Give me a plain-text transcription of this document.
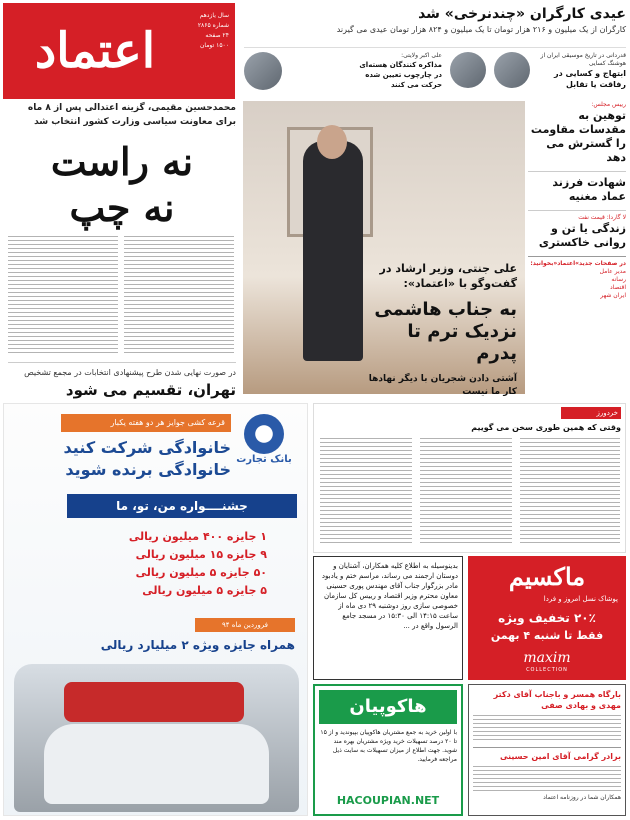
اعتماد
سال یازدهم
شماره ۲۸۶۵
۲۴ صفحه
۱۵۰۰ تومان
عیدی کارگران «چندنرخی» شد
کارگران از یک میلیون و ۲۱۶ هزار تومان تا یک میلیون و ۸۲۴ هزار تومان عیدی می گیرند
قدردانی در تاریخ موسیقی ایران از هوشنگ کسایی
ابتهاج و کسایی در رفاقت یا تقابل
علی اکبر ولایتی:
مذاکره کنندگان هسته‌ای در چارچوب تعیین شده حرکت می کنند
محمدحسین مقیمی، گزینه اعتدالی پس از ۸ ماه برای معاونت سیاسی وزارت کشور انتخاب شد
نه راست
نه چپ
در صورت نهایی شدن طرح پیشنهادی انتخابات در مجمع تشخیص
تهران، تقسیم می شود
علی جنتی، وزیر ارشاد در گفت‌وگو با «اعتماد»:
به جناب هاشمی نزدیک ترم تا پدرم
آشتی دادن شجریان با دیگر نهادها کار ما نیست
رییس مجلس:
توهین به مقدسات مقاومت را گسترش می دهد
شهادت فرزند عماد مغنیه
لا گاردا: قیمت نفت
زندگی یا تن و روانی خاکستری
در صفحات جدید»اعتماد«بخوانید:
مدیر عامل
رسانه
اقتصاد
ایران شهر
بانک تجارت
قرعه کشی جوایز هر دو هفته یکبار
خانوادگی شرکت کنید
خانوادگی برنده شوید
جشنــــواره من، تو، ما
۱ جایزه ۴۰۰ میلیون ریالی
۹ جایزه ۱۵ میلیون ریالی
۵۰ جایزه ۵ میلیون ریالی
۵ جایزه ۵ میلیون ریالی
فروردین ماه ۹۴
همراه جایزه ویژه ۲ میلیارد ریالی
خردورز
وقتی که همین طوری سخن می گوییم
بدینوسیله به اطلاع کلیه همکاران، آشنایان و دوستان ارجمند می رساند، مراسم ختم و یادبود مادر بزرگوار جناب آقای مهندس پوری حسینی معاون محترم وزیر اقتصاد و رییس کل سازمان خصوصی سازی روز دوشنبه ۲۹ دی ماه از ساعت ۱۴:۱۵ الی ۱۵:۳۰ در مسجد جامع الرسول واقع در ...
ماکسیم
پوشاک نسل امروز و فردا
۲۰٪ تخفیف ویژه
فقط تا شنبه ۴ بهمن
maxim
COLLECTION
هاکوپیان
با اولین خرید به جمع مشتریان هاکوپیان بپیوندید و از ۱۵ تا ۲۰ درصد تسهیلات خرید ویژه مشتریان بهره مند شوید. جهت اطلاع از میزان تسهیلات به سایت ذیل مراجعه فرمایید.
HACOUPIAN.NET
بارگاه همسر و باجناب آقای دکتر مهدی و بهادی صفی
برادر گرامی آقای امین حسینی
همکاران شما در روزنامه اعتماد
